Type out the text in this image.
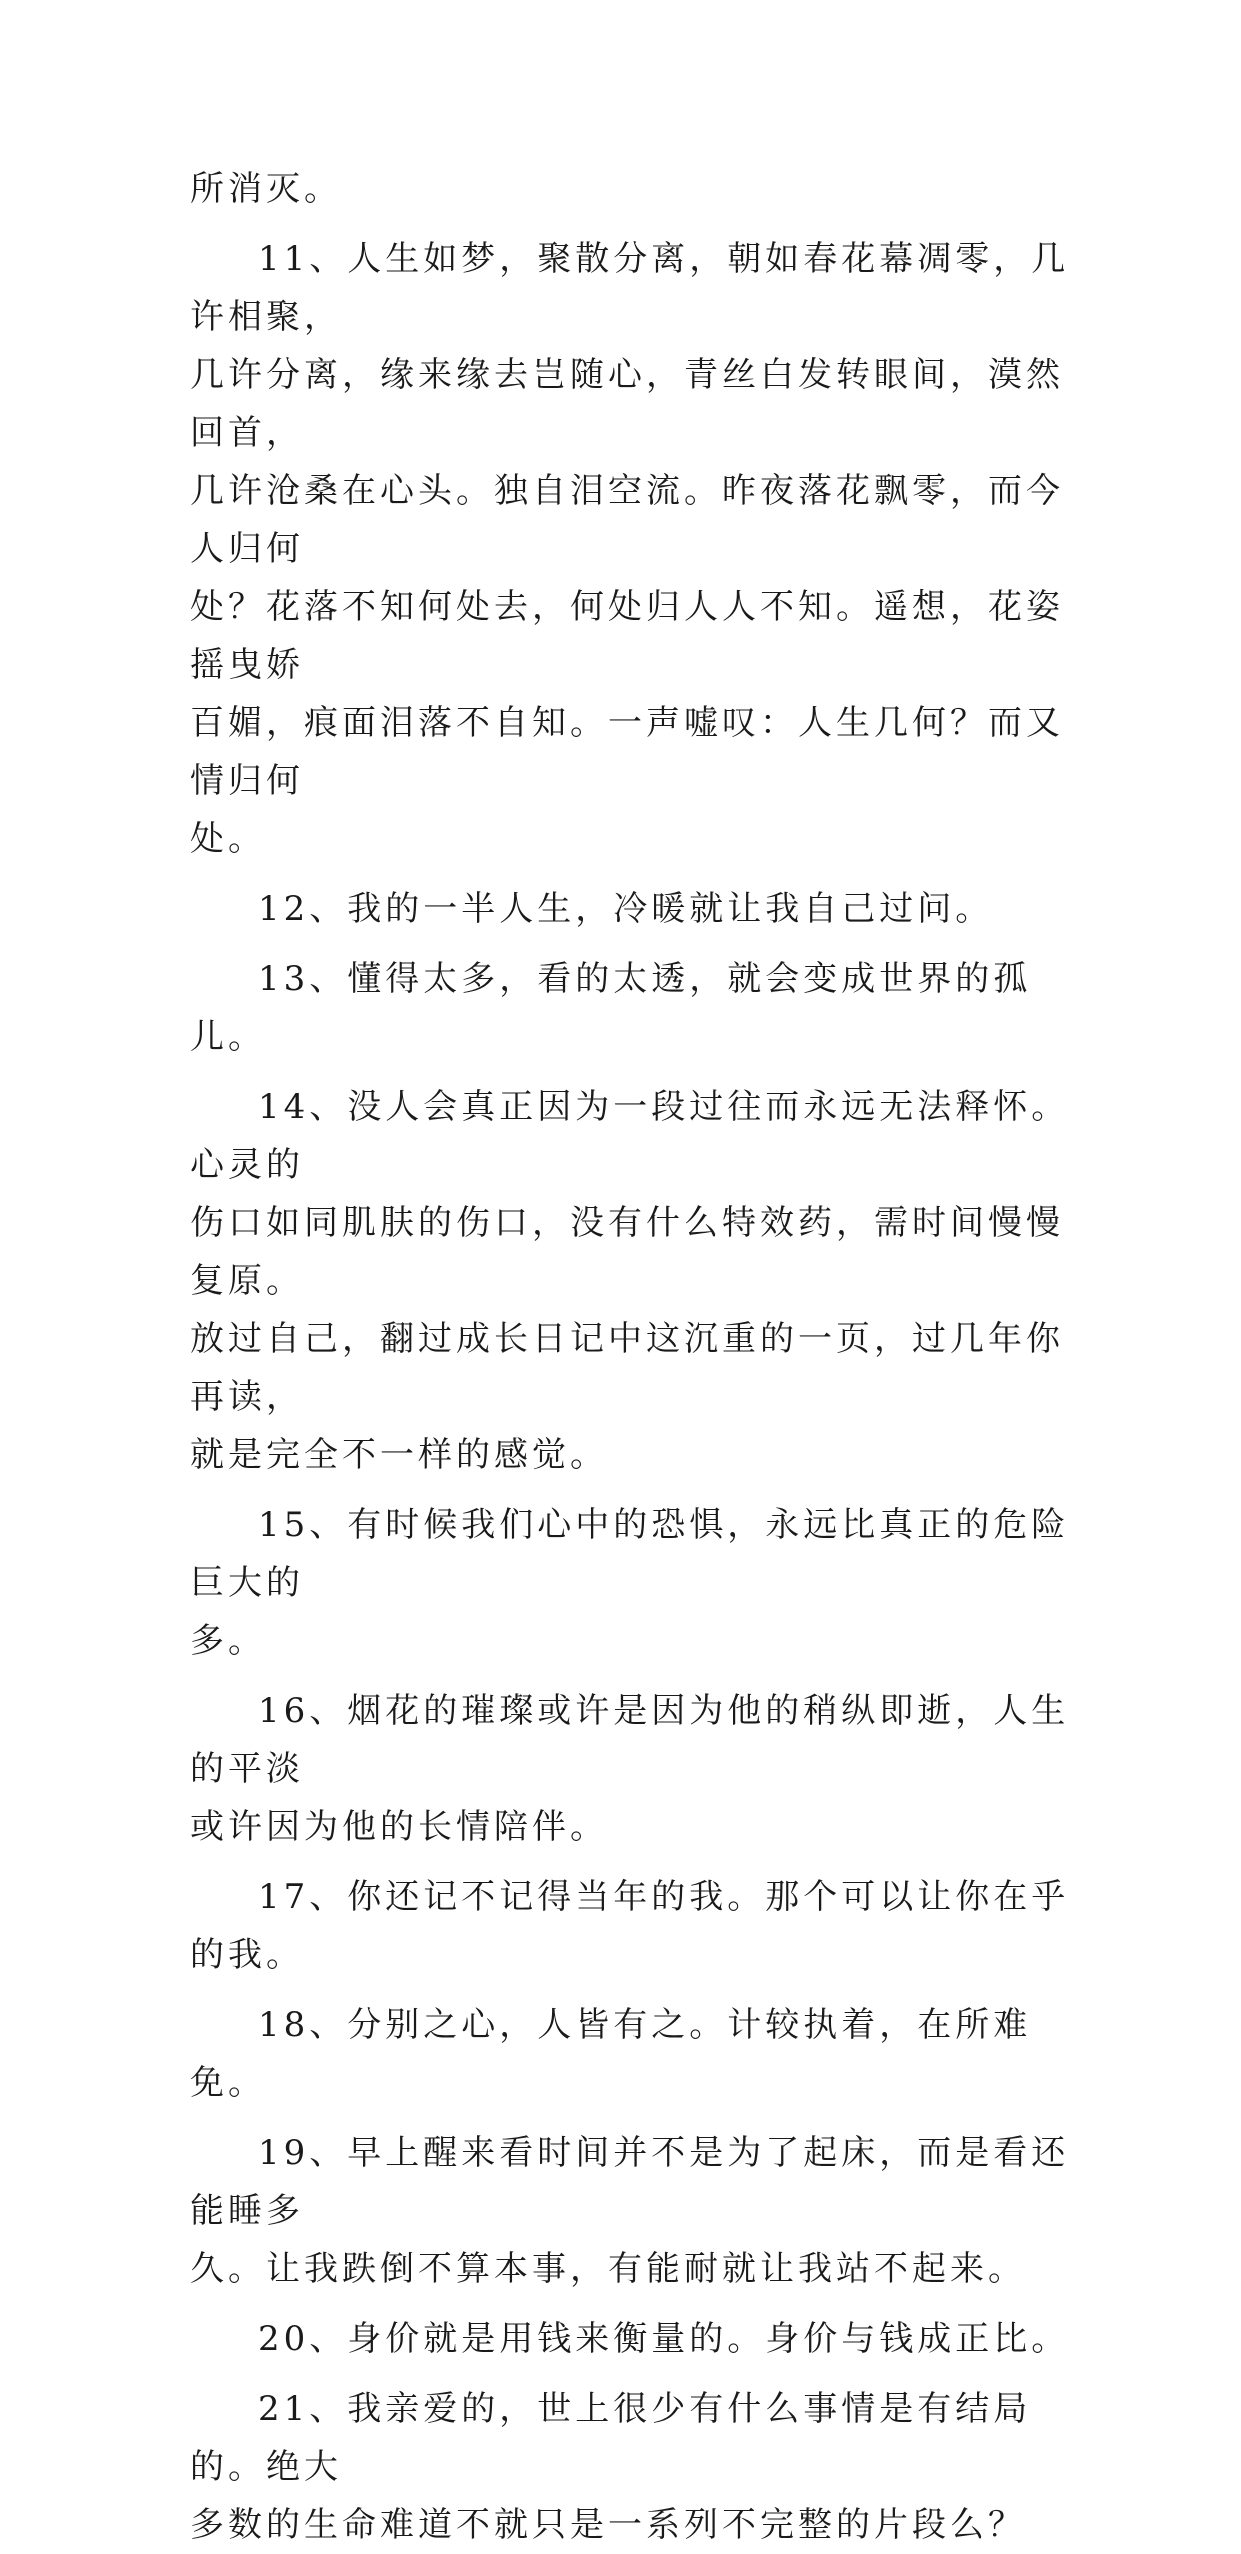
所消灭。

11、人生如梦，聚散分离，朝如春花幕凋零，几许相聚，
几许分离，缘来缘去岂随心，青丝白发转眼间，漠然回首，
几许沧桑在心头。独自泪空流。昨夜落花飘零，而今人归何
处？花落不知何处去，何处归人人不知。遥想，花姿摇曳娇
百媚，痕面泪落不自知。一声嘘叹：人生几何？而又情归何
处。

12、我的一半人生，冷暖就让我自己过问。

13、懂得太多，看的太透，就会变成世界的孤儿。

14、没人会真正因为一段过往而永远无法释怀。心灵的
伤口如同肌肤的伤口，没有什么特效药，需时间慢慢复原。
放过自己，翻过成长日记中这沉重的一页，过几年你再读，
就是完全不一样的感觉。

15、有时候我们心中的恐惧，永远比真正的危险巨大的
多。

16、烟花的璀璨或许是因为他的稍纵即逝，人生的平淡
或许因为他的长情陪伴。

17、你还记不记得当年的我。那个可以让你在乎的我。

18、分别之心，人皆有之。计较执着，在所难免。

19、早上醒来看时间并不是为了起床，而是看还能睡多
久。让我跌倒不算本事，有能耐就让我站不起来。

20、身价就是用钱来衡量的。身价与钱成正比。

21、我亲爱的，世上很少有什么事情是有结局的。绝大
多数的生命难道不就只是一系列不完整的片段么？
